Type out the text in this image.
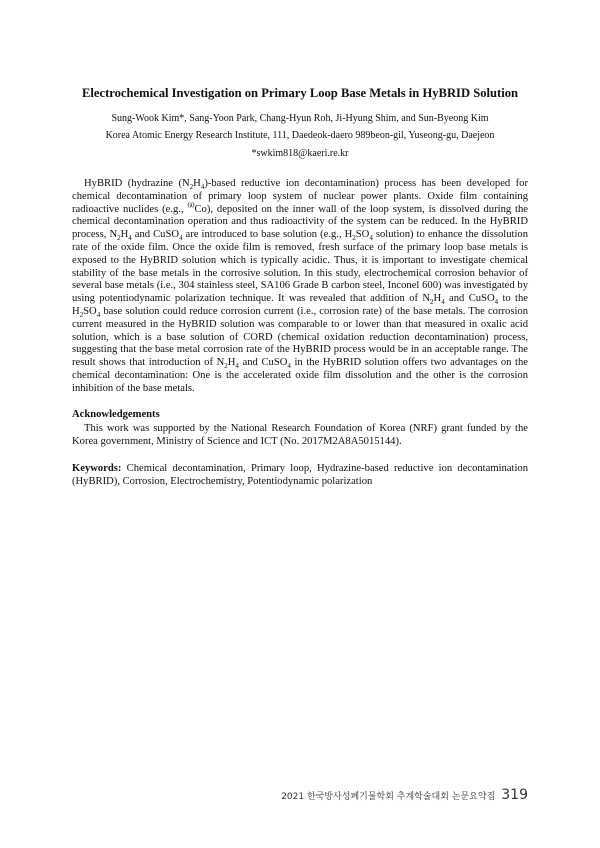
Electrochemical Investigation on Primary Loop Base Metals in HyBRID Solution
Sung-Wook Kim*, Sang-Yoon Park, Chang-Hyun Roh, Ji-Hyung Shim, and Sun-Byeong Kim
Korea Atomic Energy Research Institute, 111, Daedeok-daero 989beon-gil, Yuseong-gu, Daejeon
*swkim818@kaeri.re.kr

HyBRID (hydrazine $(N_2H_4)$-based reductive ion decontamination) process has been developed for chemical decontamination of primary loop system of nuclear power plants. Oxide film containing radioactive nuclides (e.g., $^{60}$Co), deposited on the inner wall of the loop system, is dissolved during the chemical decontamination operation and thus radioactivity of the system can be reduced. In the HyBRID process, $N_2H_4$ and CuSO$_4$ are introduced to base solution (e.g., $H_2SO_4$ solution) to enhance the dissolution rate of the oxide film. Once the oxide film is removed, fresh surface of the primary loop base metals is exposed to the HyBRID solution which is typically acidic. Thus, it is important to investigate chemical stability of the base metals in the corrosive solution. In this study, electrochemical corrosion behavior of several base metals (i.e., 304 stainless steel, SA106 Grade B carbon steel, Inconel 600) was investigated by using potentiodynamic polarization technique. It was revealed that addition of $N_2H_4$ and CuSO$_4$ to the $H_2SO_4$ base solution could reduce corrosion current (i.e., corrosion rate) of the base metals. The corrosion current measured in the HyBRID solution was comparable to or lower than that measured in oxalic acid solution, which is a base solution of CORD (chemical oxidation reduction decontamination) process, suggesting that the base metal corrosion rate of the HyBRID process would be in an acceptable range. The result shows that introduction of $N_2H_4$ and CuSO$_4$ in the HyBRID solution offers two advantages on the chemical decontamination: One is the accelerated oxide film dissolution and the other is the corrosion inhibition of the base metals.

Acknowledgements

This work was supported by the National Research Foundation of Korea (NRF) grant funded by the Korea government, Ministry of Science and ICT (No. 2017M2A8A5015144).

Keywords: Chemical decontamination, Primary loop, Hydrazine-based reductive ion decontamination (HyBRID), Corrosion, Electrochemistry, Potentiodynamic polarization
2021 한국방사성폐기물학회 추계학술대회 논문요약집 319
